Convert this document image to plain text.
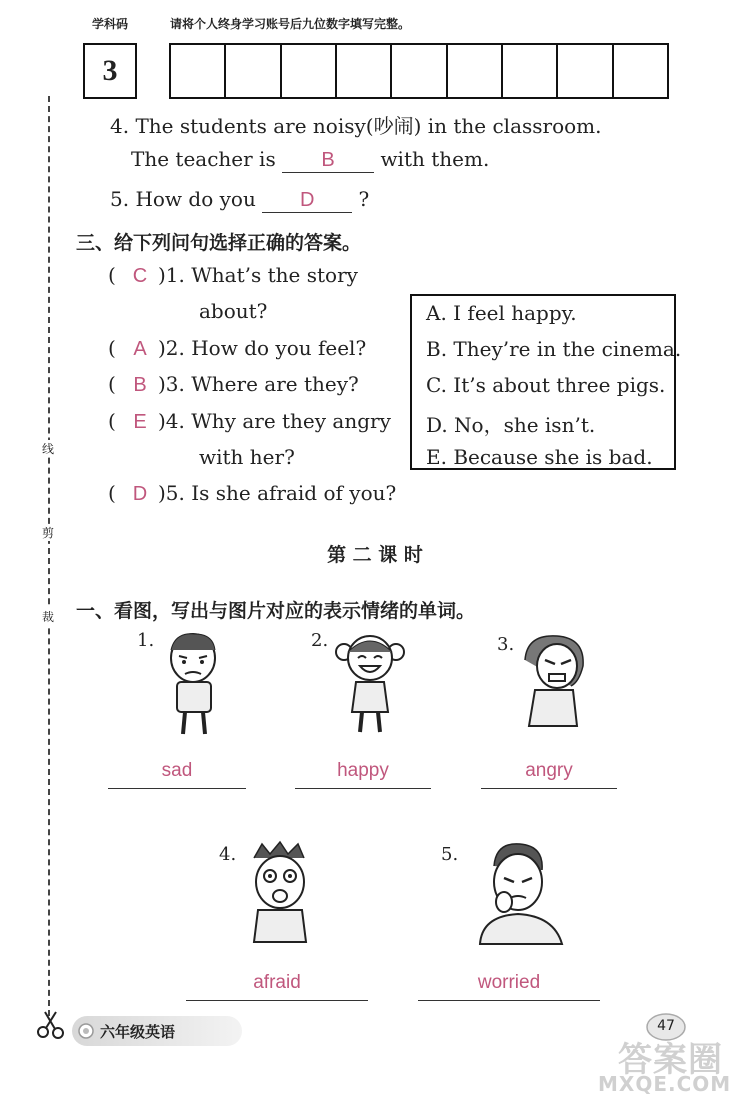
学科码	请将个人终身学习账号后九位数字填写完整。
3
线
剪
裁
4. The students are noisy(吵闹) in the classroom.
The teacher is B with them.
5. How do you D ?
三、给下列问句选择正确的答案。
( C )1. What’s the story
about?
( A )2. How do you feel?
( B )3. Where are they?
( E )4. Why are they angry
with her?
( D )5. Is she afraid of you?
A. I feel happy.
B. They’re in the cinema.
C. It’s about three pigs.
D. No，she isn’t.
E. Because she is bad.
第 二 课 时
一、看图，写出与图片对应的表示情绪的单词。
1.
sad
2.
happy
3.
angry
4.
afraid
5.
worried
六年级英语	47
答案圈
MXQE.COM
